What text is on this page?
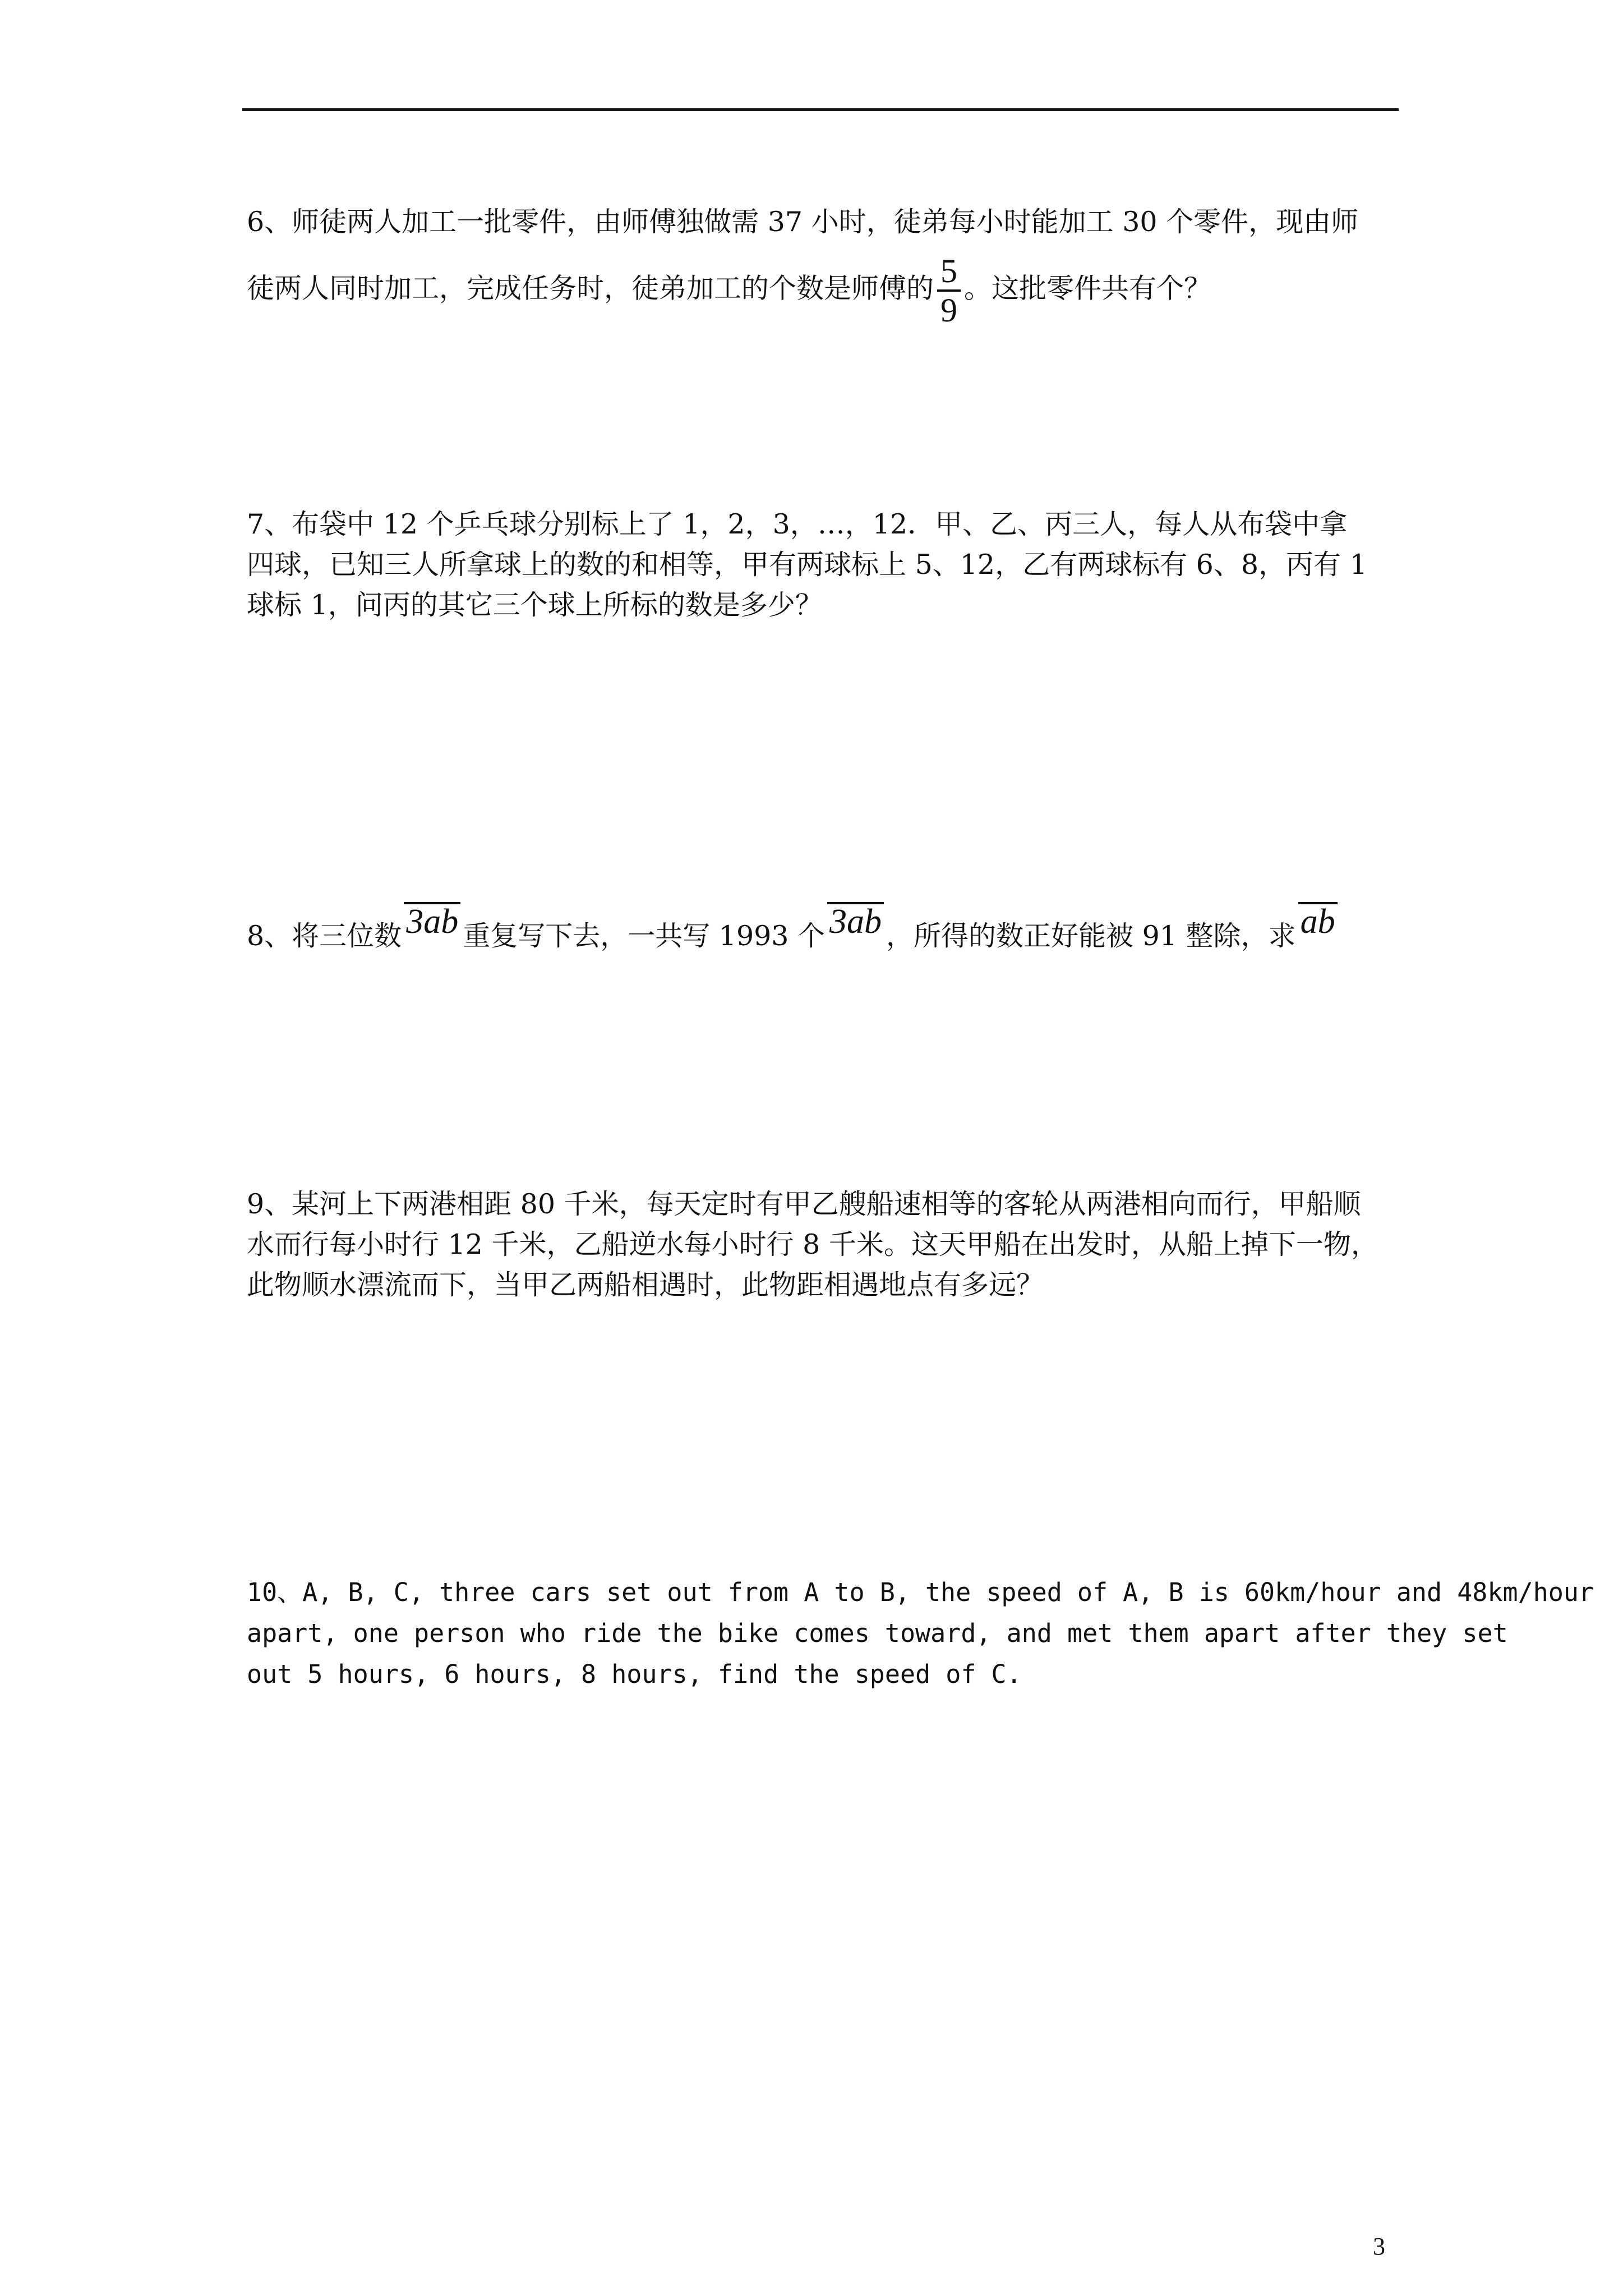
6、师徒两人加工一批零件，由师傅独做需 37 小时，徒弟每小时能加工 30 个零件，现由师
徒两人同时加工，完成任务时，徒弟加工的个数是师傅的 $\frac{5}{9}$ 。这批零件共有个？
7、布袋中 12 个乒乓球分别标上了 1，2，3，…，12．甲、乙、丙三人，每人从布袋中拿
四球，已知三人所拿球上的数的和相等，甲有两球标上 5、12，乙有两球标有 6、8，丙有 1
球标 1，问丙的其它三个球上所标的数是多少？
8、将三位数 3ab 重复写下去，一共写 1993 个 3ab ，所得的数正好能被 91 整除，求 ab
9、某河上下两港相距 80 千米，每天定时有甲乙艘船速相等的客轮从两港相向而行，甲船顺
水而行每小时行 12 千米，乙船逆水每小时行 8 千米。这天甲船在出发时，从船上掉下一物，
此物顺水漂流而下，当甲乙两船相遇时，此物距相遇地点有多远？
10、A, B, C, three cars set out from A to B, the speed of A, B is 60km/hour and 48km/hour
apart, one person who ride the bike comes toward, and met them apart after they set
out 5 hours, 6 hours, 8 hours, find the speed of C.
3
